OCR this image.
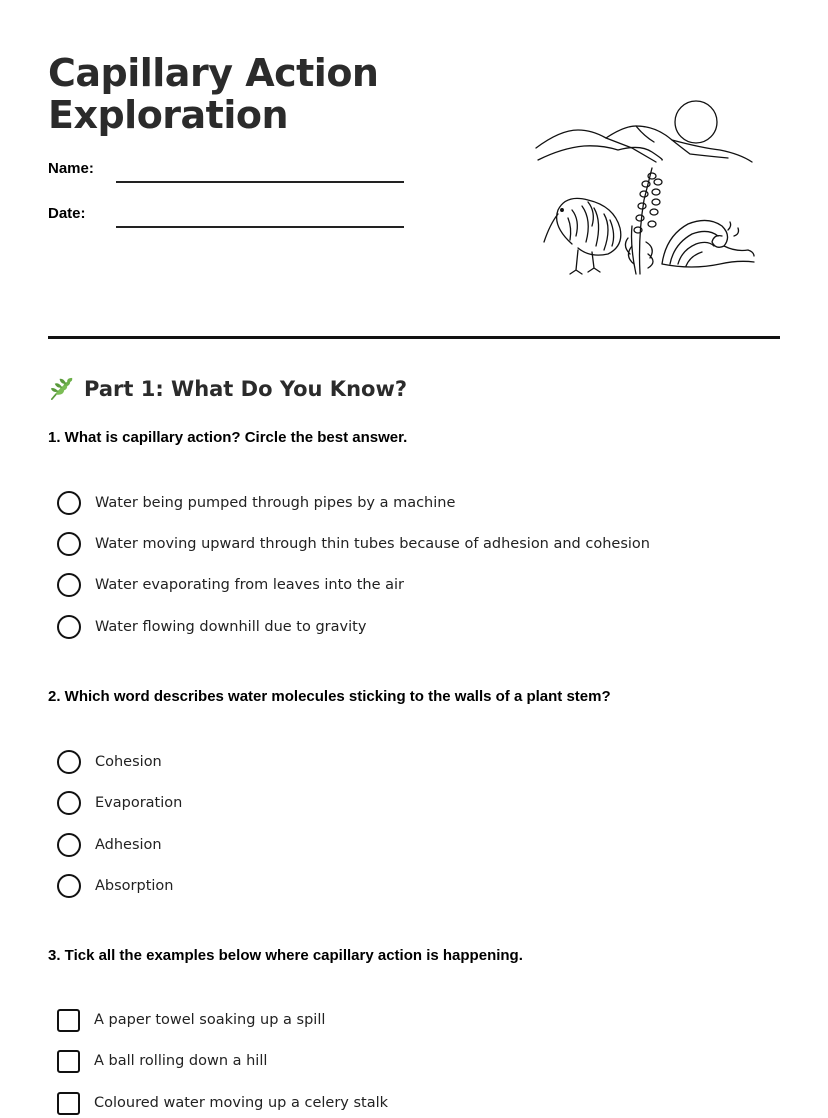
Capillary Action
Exploration
Name:
Date:
Part 1: What Do You Know?
1. What is capillary action? Circle the best answer.
Water being pumped through pipes by a machine
Water moving upward through thin tubes because of adhesion and cohesion
Water evaporating from leaves into the air
Water flowing downhill due to gravity
2. Which word describes water molecules sticking to the walls of a plant stem?
Cohesion
Evaporation
Adhesion
Absorption
3. Tick all the examples below where capillary action is happening.
A paper towel soaking up a spill
A ball rolling down a hill
Coloured water moving up a celery stalk
